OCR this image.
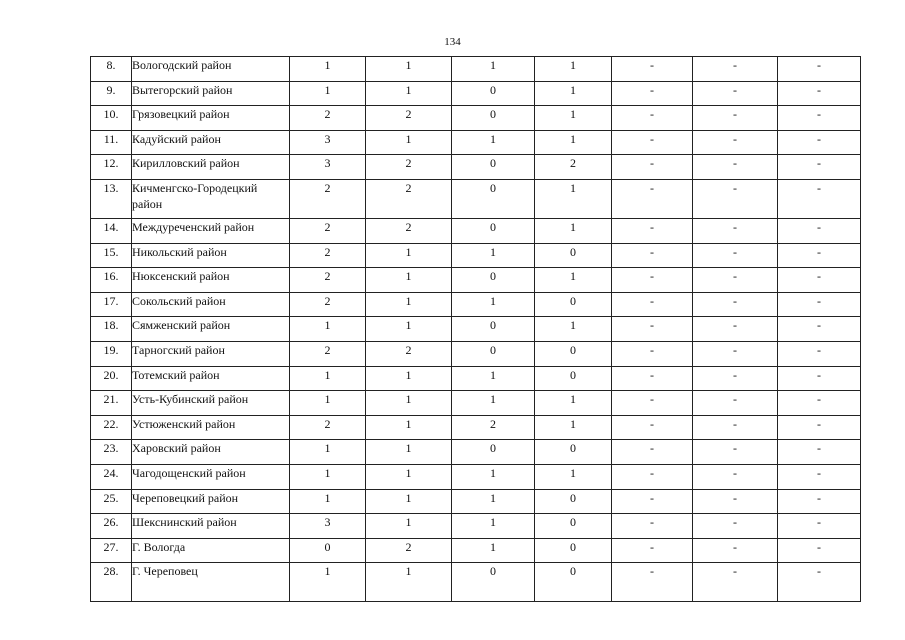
134
8.	Вологодский район	1	1	1	1	-	-	-
9.	Вытегорский район	1	1	0	1	-	-	-
10.	Грязовецкий район	2	2	0	1	-	-	-
11.	Кадуйский район	3	1	1	1	-	-	-
12.	Кирилловский район	3	2	0	2	-	-	-
13.	Кичменгско-Городецкий район	2	2	0	1	-	-	-
14.	Междуреченский район	2	2	0	1	-	-	-
15.	Никольский район	2	1	1	0	-	-	-
16.	Нюксенский район	2	1	0	1	-	-	-
17.	Сокольский район	2	1	1	0	-	-	-
18.	Сямженский район	1	1	0	1	-	-	-
19.	Тарногский район	2	2	0	0	-	-	-
20.	Тотемский район	1	1	1	0	-	-	-
21.	Усть-Кубинский район	1	1	1	1	-	-	-
22.	Устюженский район	2	1	2	1	-	-	-
23.	Харовский район	1	1	0	0	-	-	-
24.	Чагодощенский район	1	1	1	1	-	-	-
25.	Череповецкий район	1	1	1	0	-	-	-
26.	Шекснинский район	3	1	1	0	-	-	-
27.	Г. Вологда	0	2	1	0	-	-	-
28.	Г. Череповец	1	1	0	0	-	-	-
